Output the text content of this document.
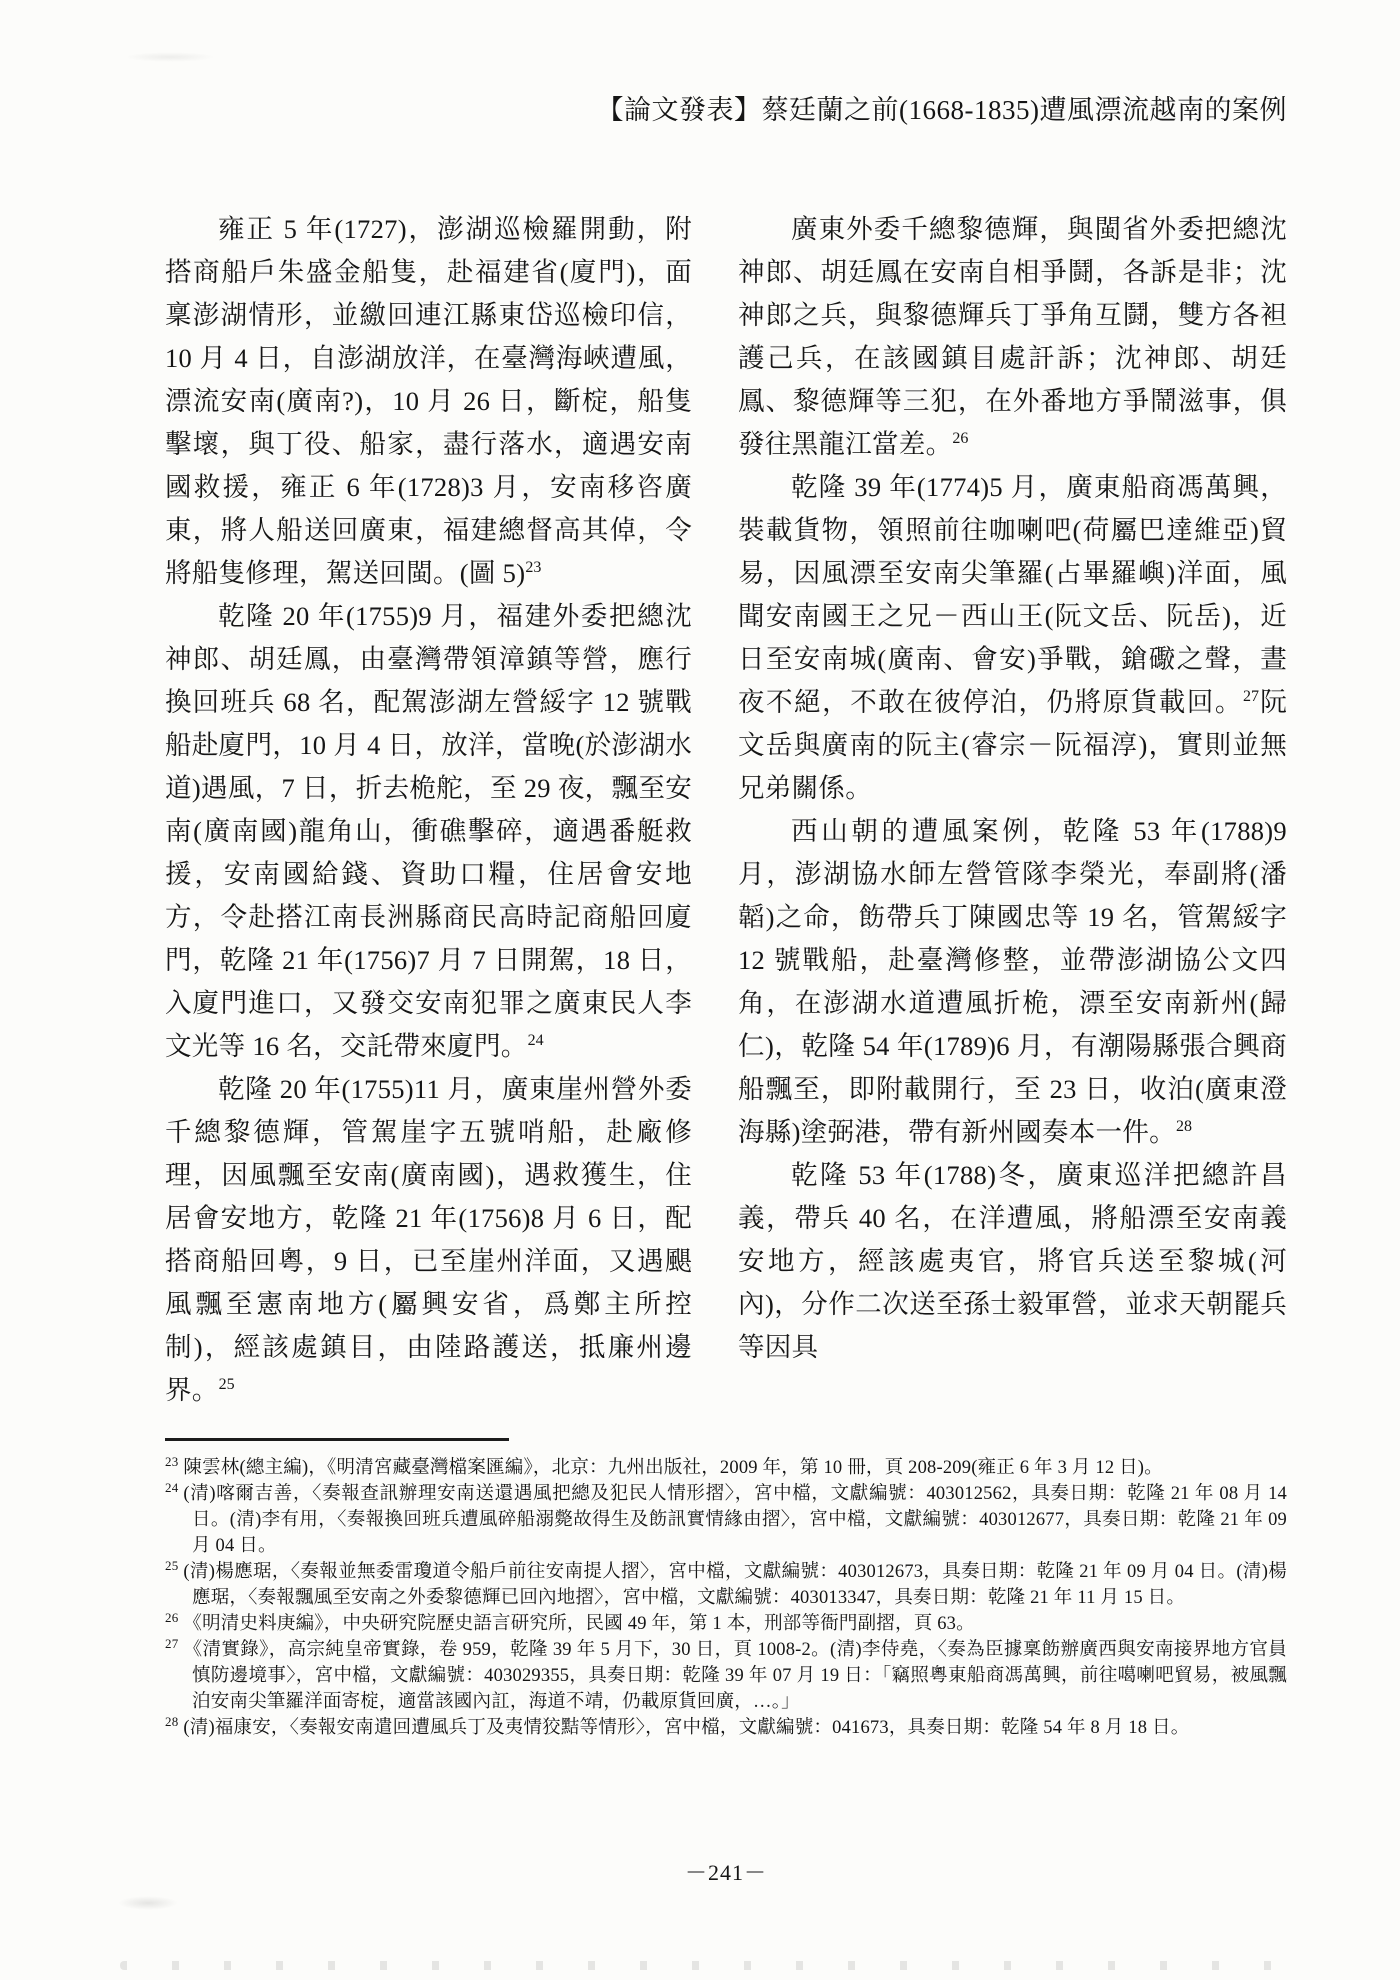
【論文發表】蔡廷蘭之前(1668-1835)遭風漂流越南的案例

雍正 5 年(1727)，澎湖巡檢羅開動，附搭商船戶朱盛金船隻，赴福建省(廈門)，面稟澎湖情形，並繳回連江縣東岱巡檢印信，10 月 4 日，自澎湖放洋，在臺灣海峽遭風，漂流安南(廣南?)，10 月 26 日，斷椗，船隻擊壞，與丁役、船家，盡行落水，適遇安南國救援，雍正 6 年(1728)3 月，安南移咨廣東，將人船送回廣東，福建總督高其倬，令將船隻修理，駕送回閩。(圖 5)$^{23}$

乾隆 20 年(1755)9 月，福建外委把總沈神郎、胡廷鳳，由臺灣帶領漳鎮等營，應行換回班兵 68 名，配駕澎湖左營綏字 12 號戰船赴廈門，10 月 4 日，放洋，當晚(於澎湖水道)遇風，7 日，折去桅舵，至 29 夜，飄至安南(廣南國)龍角山，衝礁擊碎，適遇番艇救援，安南國給錢、資助口糧，住居會安地方，令赴搭江南長洲縣商民高時記商船回廈門，乾隆 21 年(1756)7 月 7 日開駕，18 日，入廈門進口，又發交安南犯罪之廣東民人李文光等 16 名，交託帶來廈門。$^{24}$

乾隆 20 年(1755)11 月，廣東崖州營外委千總黎德輝，管駕崖字五號哨船，赴廠修理，因風飄至安南(廣南國)，遇救獲生，住居會安地方，乾隆 21 年(1756)8 月 6 日，配搭商船回粵，9 日，已至崖州洋面，又遇颶風飄至憲南地方(屬興安省，爲鄭主所控制)，經該處鎮目，由陸路護送，抵廉州邊界。$^{25}$

廣東外委千總黎德輝，與閩省外委把總沈神郎、胡廷鳳在安南自相爭鬪，各訴是非；沈神郎之兵，與黎德輝兵丁爭角互鬪，雙方各袒護己兵，在該國鎮目處訐訴；沈神郎、胡廷鳳、黎德輝等三犯，在外番地方爭鬧滋事，俱發往黑龍江當差。$^{26}$

乾隆 39 年(1774)5 月，廣東船商馮萬興，裝載貨物，領照前往咖喇吧(荷屬巴達維亞)貿易，因風漂至安南尖筆羅(占畢羅嶼)洋面，風聞安南國王之兄－西山王(阮文岳、阮岳)，近日至安南城(廣南、會安)爭戰，鎗礮之聲，晝夜不絕，不敢在彼停泊，仍將原貨載回。$^{27}$阮文岳與廣南的阮主(睿宗－阮福淳)，實則並無兄弟關係。

西山朝的遭風案例，乾隆 53 年(1788)9 月，澎湖協水師左營管隊李榮光，奉副將(潘韜)之命，飭帶兵丁陳國忠等 19 名，管駕綏字 12 號戰船，赴臺灣修整，並帶澎湖協公文四角，在澎湖水道遭風折桅，漂至安南新州(歸仁)，乾隆 54 年(1789)6 月，有潮陽縣張合興商船飄至，即附載開行，至 23 日，收泊(廣東澄海縣)塗弼港，帶有新州國奏本一件。$^{28}$

乾隆 53 年(1788)冬，廣東巡洋把總許昌義，帶兵 40 名，在洋遭風，將船漂至安南義安地方，經該處夷官，將官兵送至黎城(河內)，分作二次送至孫士毅軍營，並求天朝罷兵等因具

$^{23}$ 陳雲林(總主編)，《明清宮藏臺灣檔案匯編》，北京：九州出版社，2009 年，第 10 冊，頁 208-209(雍正 6 年 3 月 12 日)。
$^{24}$ (清)喀爾吉善，〈奏報查訊辦理安南送還遇風把總及犯民人情形摺〉，宮中檔，文獻編號：403012562，具奏日期：乾隆 21 年 08 月 14 日。(清)李有用，〈奏報換回班兵遭風碎船溺斃故得生及飭訊實情緣由摺〉，宮中檔，文獻編號：403012677，具奏日期：乾隆 21 年 09 月 04 日。
$^{25}$ (清)楊應琚，〈奏報並無委雷瓊道令船戶前往安南提人摺〉，宮中檔，文獻編號：403012673，具奏日期：乾隆 21 年 09 月 04 日。(清)楊應琚，〈奏報飄風至安南之外委黎德輝已回內地摺〉，宮中檔，文獻編號：403013347，具奏日期：乾隆 21 年 11 月 15 日。
$^{26}$ 《明清史料庚編》，中央研究院歷史語言研究所，民國 49 年，第 1 本，刑部等衙門副摺，頁 63。
$^{27}$ 《清實錄》，高宗純皇帝實錄，卷 959，乾隆 39 年 5 月下，30 日，頁 1008-2。(清)李侍堯，〈奏為臣據稟飭辦廣西與安南接界地方官員慎防邊境事〉，宮中檔，文獻編號：403029355，具奏日期：乾隆 39 年 07 月 19 日：「竊照粵東船商馮萬興，前往噶喇吧貿易，被風飄泊安南尖筆羅洋面寄椗，適當該國內訌，海道不靖，仍載原貨回廣，…。」
$^{28}$ (清)福康安，〈奏報安南遣回遭風兵丁及夷情狡黠等情形〉，宮中檔，文獻編號：041673，具奏日期：乾隆 54 年 8 月 18 日。
－241－
